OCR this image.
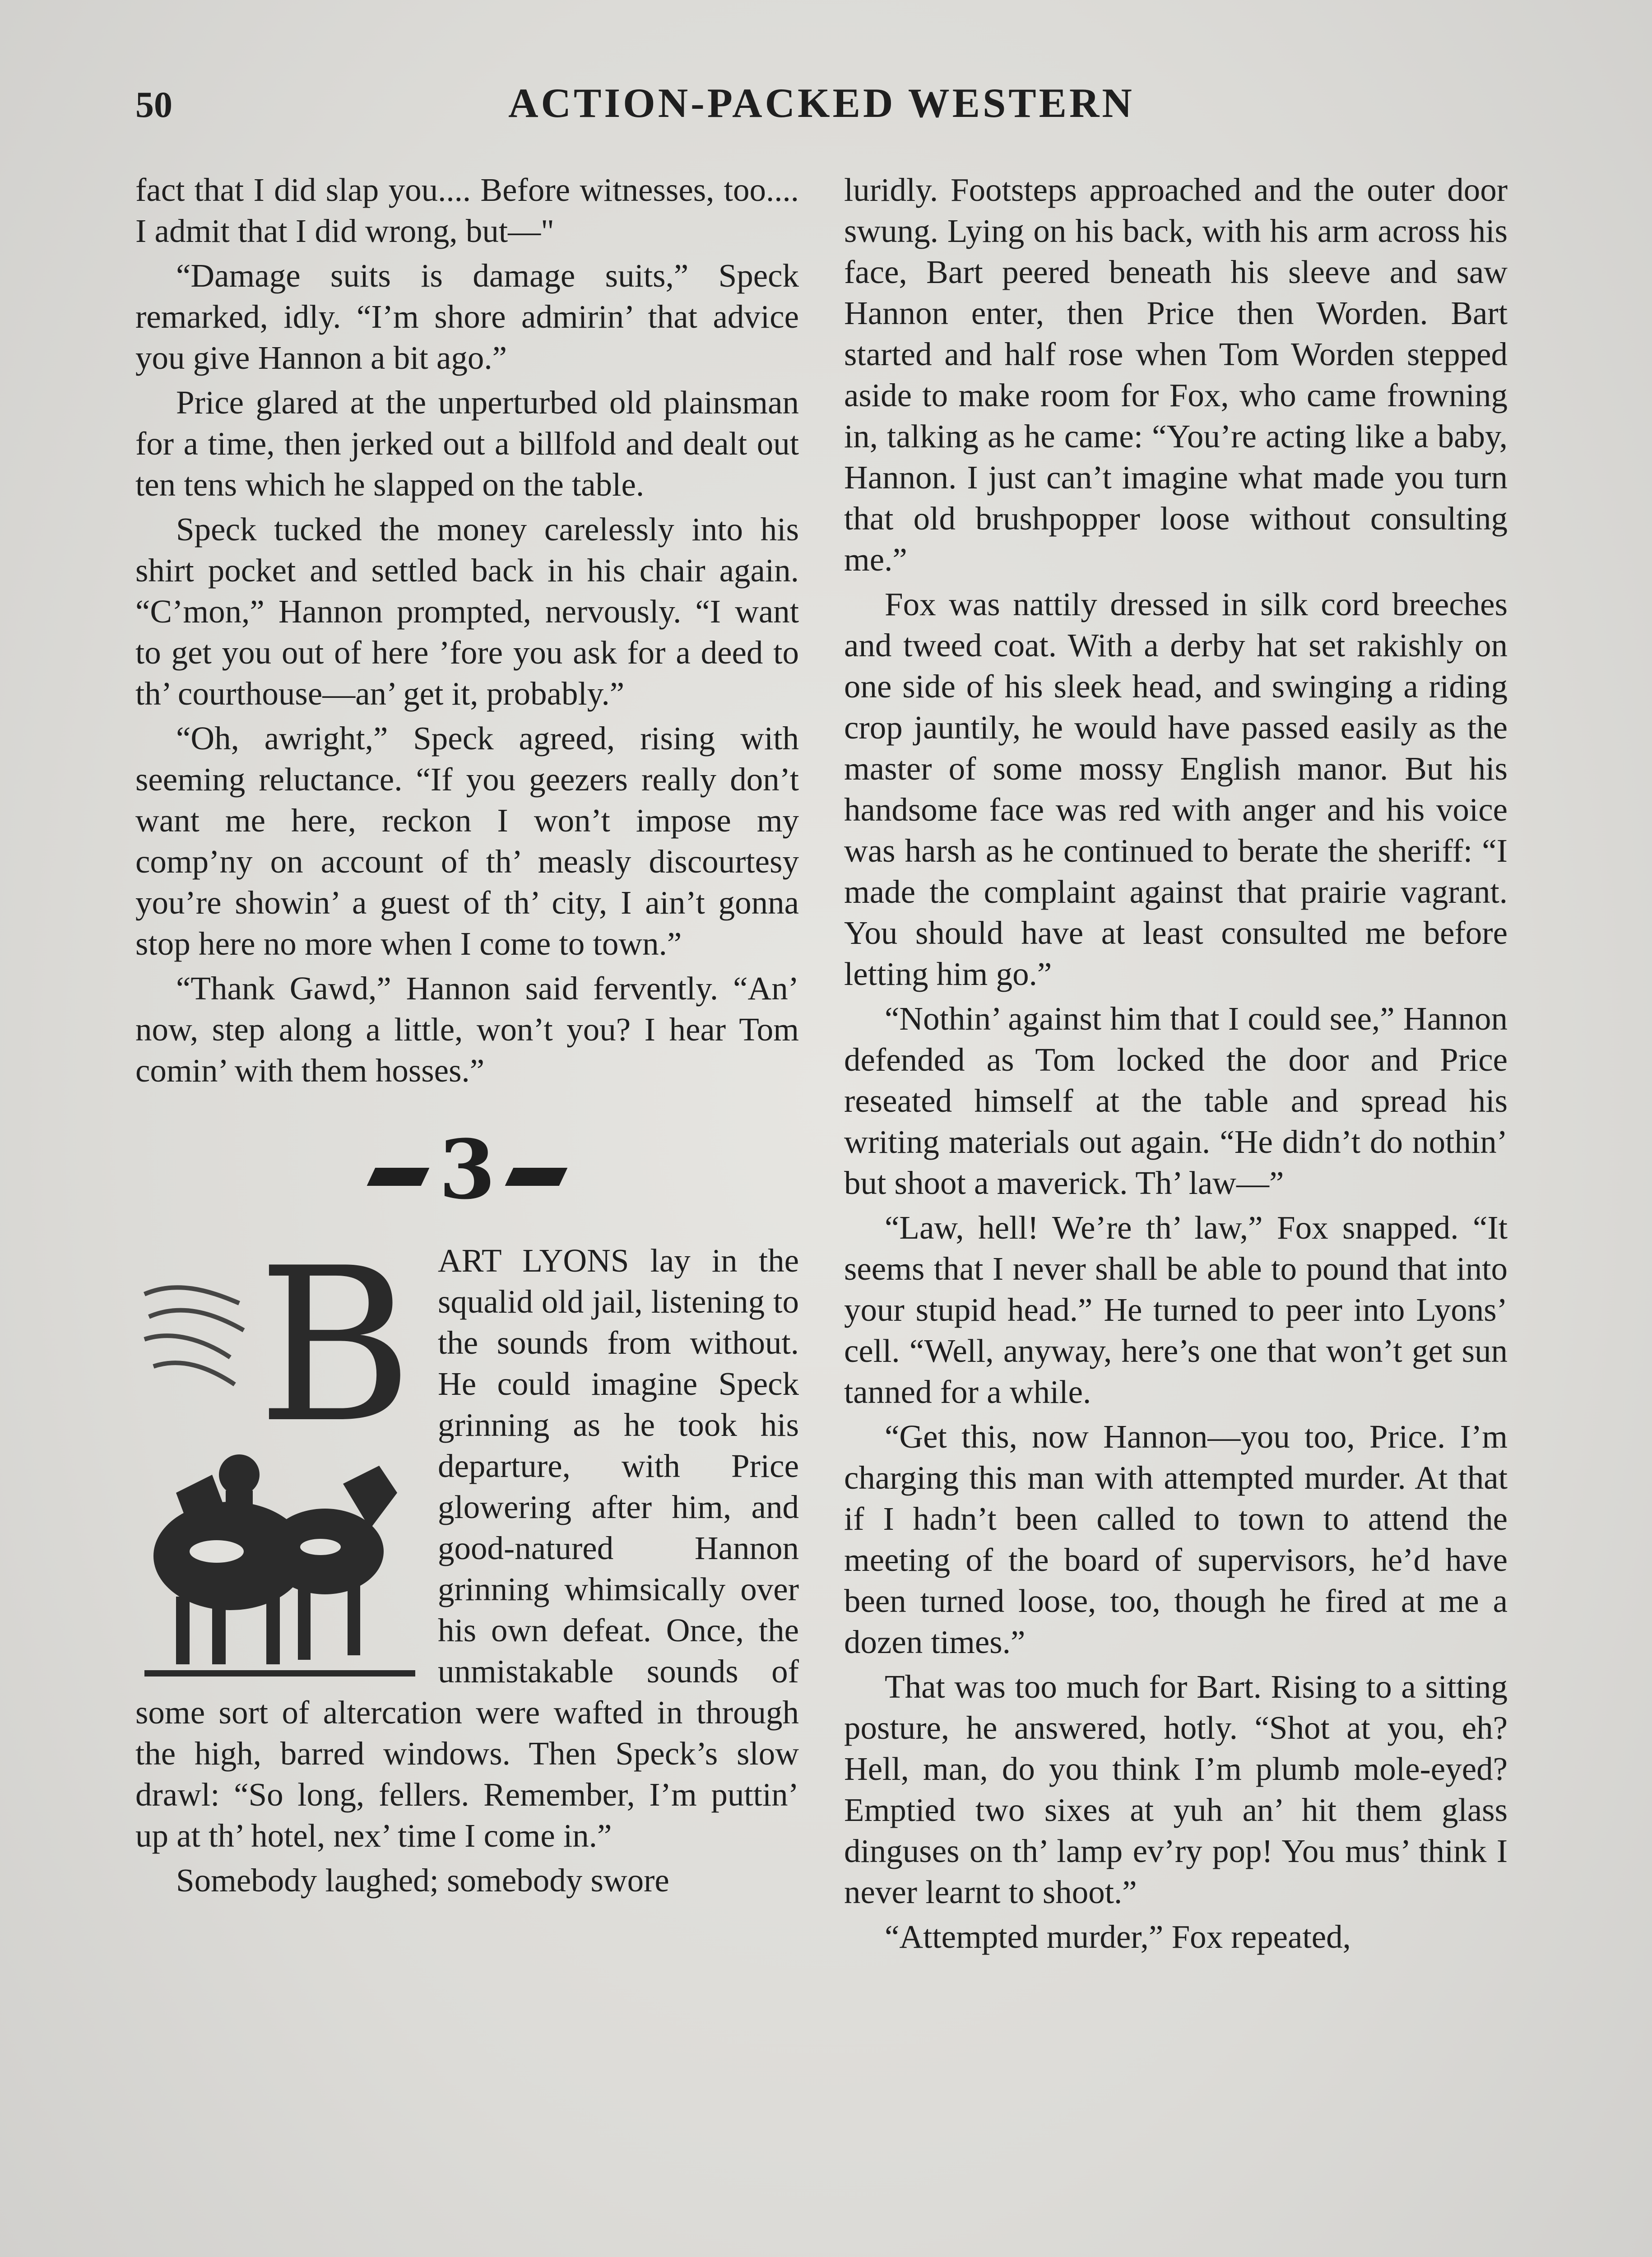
50	ACTION-PACKED WESTERN

fact that I did slap you.... Before witnesses, too.... I admit that I did wrong, but—"

“Damage suits is damage suits,” Speck remarked, idly. “I’m shore admirin’ that advice you give Hannon a bit ago.”

Price glared at the unperturbed old plainsman for a time, then jerked out a billfold and dealt out ten tens which he slapped on the table.

Speck tucked the money carelessly into his shirt pocket and settled back in his chair again. “C’mon,” Hannon prompted, nervously. “I want to get you out of here ’fore you ask for a deed to th’ courthouse—an’ get it, probably.”

“Oh, awright,” Speck agreed, rising with seeming reluctance. “If you geezers really don’t want me here, reckon I won’t impose my comp’ny on account of th’ measly discourtesy you’re showin’ a guest of th’ city, I ain’t gonna stop here no more when I come to town.”

“Thank Gawd,” Hannon said fervently. “An’ now, step along a little, won’t you? I hear Tom comin’ with them hosses.”

3
B ART LYONS lay in the squalid old jail, listening to the sounds from without. He could imagine Speck grinning as he took his departure, with Price glowering after him, and good-natured Hannon grinning whimsically over his own defeat. Once, the unmistakable sounds of some sort of altercation were wafted in through the high, barred windows. Then Speck’s slow drawl: “So long, fellers. Remember, I’m puttin’ up at th’ hotel, nex’ time I come in.”

Somebody laughed; somebody swore

luridly. Footsteps approached and the outer door swung. Lying on his back, with his arm across his face, Bart peered beneath his sleeve and saw Hannon enter, then Price then Worden. Bart started and half rose when Tom Worden stepped aside to make room for Fox, who came frowning in, talking as he came: “You’re acting like a baby, Hannon. I just can’t imagine what made you turn that old brushpopper loose without consulting me.”

Fox was nattily dressed in silk cord breeches and tweed coat. With a derby hat set rakishly on one side of his sleek head, and swinging a riding crop jauntily, he would have passed easily as the master of some mossy English manor. But his handsome face was red with anger and his voice was harsh as he continued to berate the sheriff: “I made the complaint against that prairie vagrant. You should have at least consulted me before letting him go.”

“Nothin’ against him that I could see,” Hannon defended as Tom locked the door and Price reseated himself at the table and spread his writing materials out again. “He didn’t do nothin’ but shoot a maverick. Th’ law—”

“Law, hell! We’re th’ law,” Fox snapped. “It seems that I never shall be able to pound that into your stupid head.” He turned to peer into Lyons’ cell. “Well, anyway, here’s one that won’t get sun tanned for a while.

“Get this, now Hannon—you too, Price. I’m charging this man with attempted murder. At that if I hadn’t been called to town to attend the meeting of the board of supervisors, he’d have been turned loose, too, though he fired at me a dozen times.”

That was too much for Bart. Rising to a sitting posture, he answered, hotly. “Shot at you, eh? Hell, man, do you think I’m plumb mole-eyed? Emptied two sixes at yuh an’ hit them glass dinguses on th’ lamp ev’ry pop! You mus’ think I never learnt to shoot.”

“Attempted murder,” Fox repeated,
